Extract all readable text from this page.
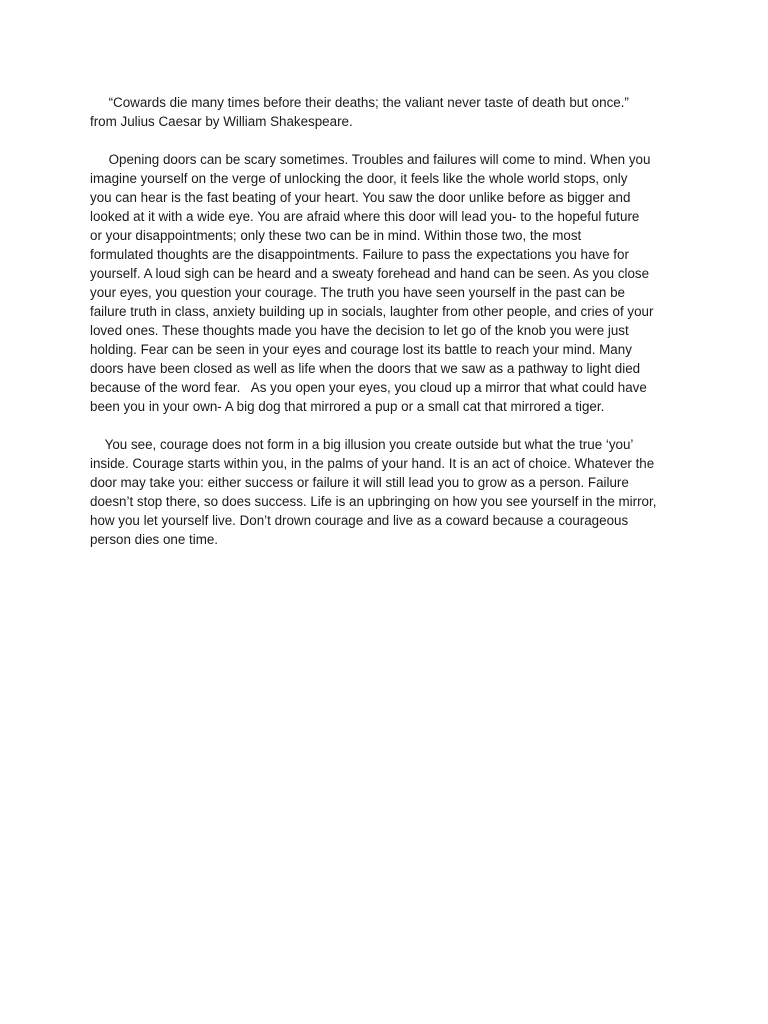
“Cowards die many times before their deaths; the valiant never taste of death but once.”
from Julius Caesar by William Shakespeare.

Opening doors can be scary sometimes. Troubles and failures will come to mind. When you
imagine yourself on the verge of unlocking the door, it feels like the whole world stops, only
you can hear is the fast beating of your heart. You saw the door unlike before as bigger and
looked at it with a wide eye. You are afraid where this door will lead you- to the hopeful future
or your disappointments; only these two can be in mind. Within those two, the most
formulated thoughts are the disappointments. Failure to pass the expectations you have for
yourself. A loud sigh can be heard and a sweaty forehead and hand can be seen. As you close
your eyes, you question your courage. The truth you have seen yourself in the past can be
failure truth in class, anxiety building up in socials, laughter from other people, and cries of your
loved ones. These thoughts made you have the decision to let go of the knob you were just
holding. Fear can be seen in your eyes and courage lost its battle to reach your mind. Many
doors have been closed as well as life when the doors that we saw as a pathway to light died
because of the word fear.   As you open your eyes, you cloud up a mirror that what could have
been you in your own- A big dog that mirrored a pup or a small cat that mirrored a tiger.

You see, courage does not form in a big illusion you create outside but what the true ‘you’
inside. Courage starts within you, in the palms of your hand. It is an act of choice. Whatever the
door may take you: either success or failure it will still lead you to grow as a person. Failure
doesn’t stop there, so does success. Life is an upbringing on how you see yourself in the mirror,
how you let yourself live. Don’t drown courage and live as a coward because a courageous
person dies one time.
